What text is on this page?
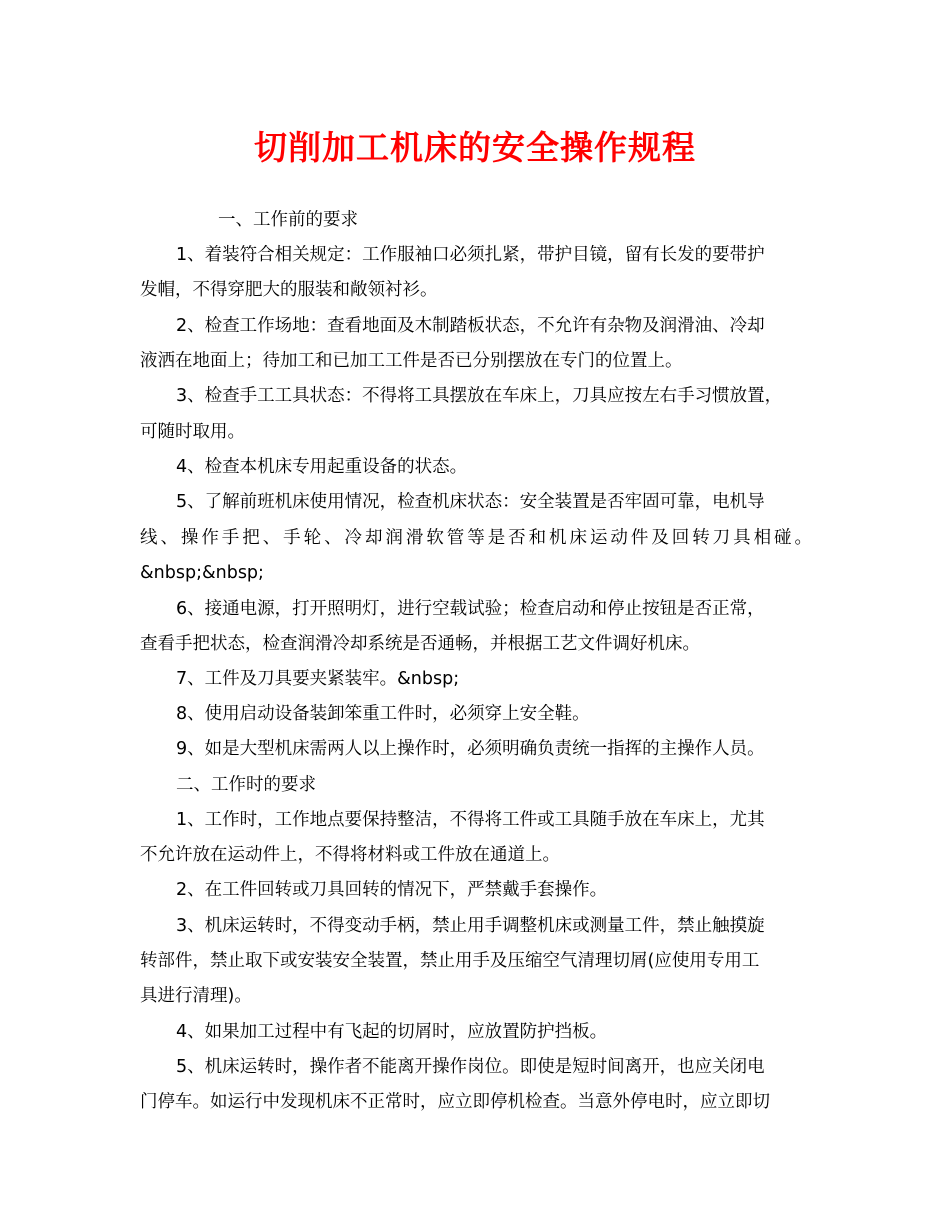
切削加工机床的安全操作规程
一、工作前的要求
1、着装符合相关规定：工作服袖口必须扎紧，带护目镜，留有长发的要带护
发帽，不得穿肥大的服装和敞领衬衫。
2、检查工作场地：查看地面及木制踏板状态，不允许有杂物及润滑油、冷却
液洒在地面上；待加工和已加工工件是否已分别摆放在专门的位置上。
3、检查手工工具状态：不得将工具摆放在车床上，刀具应按左右手习惯放置，
可随时取用。
4、检查本机床专用起重设备的状态。
5、了解前班机床使用情况，检查机床状态：安全装置是否牢固可靠，电机导
线、操作手把、手轮、冷却润滑软管等是否和机床运动件及回转刀具相碰。
&nbsp;&nbsp;
6、接通电源，打开照明灯，进行空载试验；检查启动和停止按钮是否正常，
查看手把状态，检查润滑冷却系统是否通畅，并根据工艺文件调好机床。
7、工件及刀具要夹紧装牢。&nbsp;
8、使用启动设备装卸笨重工件时，必须穿上安全鞋。
9、如是大型机床需两人以上操作时，必须明确负责统一指挥的主操作人员。
二、工作时的要求
1、工作时，工作地点要保持整洁，不得将工件或工具随手放在车床上，尤其
不允许放在运动件上，不得将材料或工件放在通道上。
2、在工件回转或刀具回转的情况下，严禁戴手套操作。
3、机床运转时，不得变动手柄，禁止用手调整机床或测量工件，禁止触摸旋
转部件，禁止取下或安装安全装置，禁止用手及压缩空气清理切屑(应使用专用工
具进行清理)。
4、如果加工过程中有飞起的切屑时，应放置防护挡板。
5、机床运转时，操作者不能离开操作岗位。即使是短时间离开，也应关闭电
门停车。如运行中发现机床不正常时，应立即停机检查。当意外停电时，应立即切
